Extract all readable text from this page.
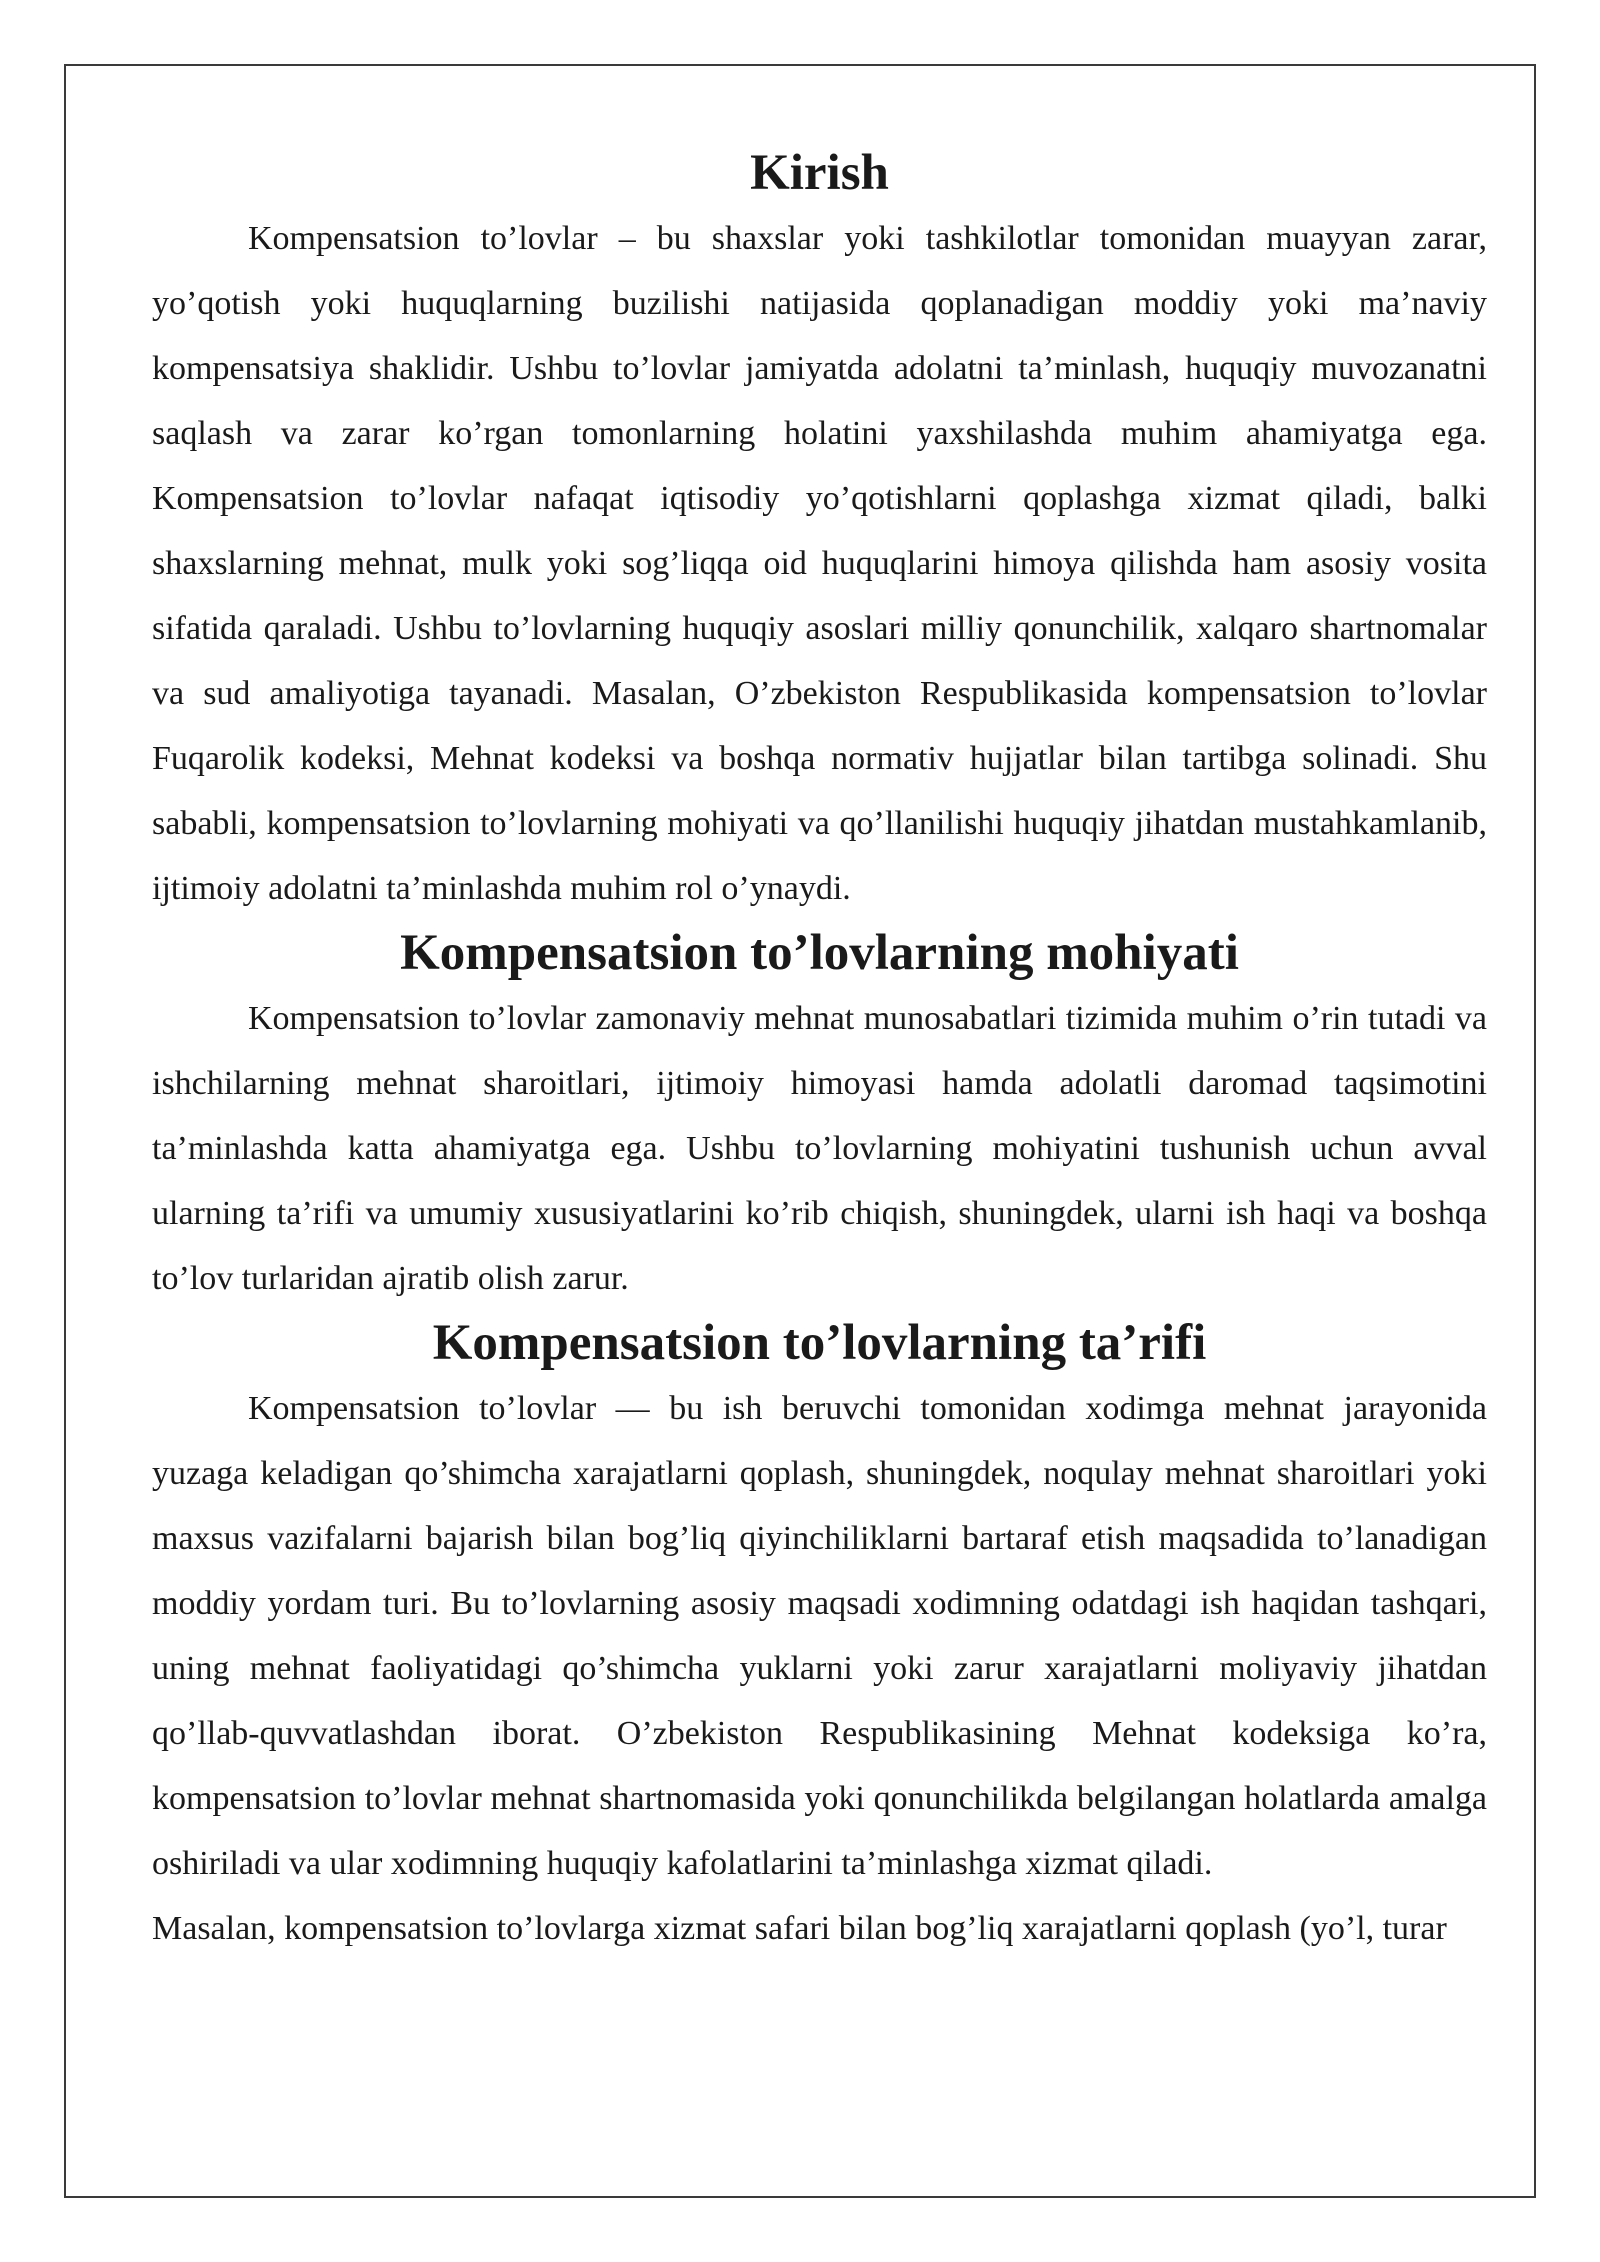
Kirish

Kompensatsion to’lovlar – bu shaxslar yoki tashkilotlar tomonidan muayyan zarar, yo’qotish yoki huquqlarning buzilishi natijasida qoplanadigan moddiy yoki ma’naviy kompensatsiya shaklidir. Ushbu to’lovlar jamiyatda adolatni ta’minlash, huquqiy muvozanatni saqlash va zarar ko’rgan tomonlarning holatini yaxshilashda muhim ahamiyatga ega. Kompensatsion to’lovlar nafaqat iqtisodiy yo’qotishlarni qoplashga xizmat qiladi, balki shaxslarning mehnat, mulk yoki sog’liqqa oid huquqlarini himoya qilishda ham asosiy vosita sifatida qaraladi. Ushbu to’lovlarning huquqiy asoslari milliy qonunchilik, xalqaro shartnomalar va sud amaliyotiga tayanadi. Masalan, O’zbekiston Respublikasida kompensatsion to’lovlar Fuqarolik kodeksi, Mehnat kodeksi va boshqa normativ hujjatlar bilan tartibga solinadi. Shu sababli, kompensatsion to’lovlarning mohiyati va qo’llanilishi huquqiy jihatdan mustahkamlanib, ijtimoiy adolatni ta’minlashda muhim rol o’ynaydi.

Kompensatsion to’lovlarning mohiyati

Kompensatsion to’lovlar zamonaviy mehnat munosabatlari tizimida muhim o’rin tutadi va ishchilarning mehnat sharoitlari, ijtimoiy himoyasi hamda adolatli daromad taqsimotini ta’minlashda katta ahamiyatga ega. Ushbu to’lovlarning mohiyatini tushunish uchun avval ularning ta’rifi va umumiy xususiyatlarini ko’rib chiqish, shuningdek, ularni ish haqi va boshqa to’lov turlaridan ajratib olish zarur.

Kompensatsion to’lovlarning ta’rifi

Kompensatsion to’lovlar — bu ish beruvchi tomonidan xodimga mehnat jarayonida yuzaga keladigan qo’shimcha xarajatlarni qoplash, shuningdek, noqulay mehnat sharoitlari yoki maxsus vazifalarni bajarish bilan bog’liq qiyinchiliklarni bartaraf etish maqsadida to’lanadigan moddiy yordam turi. Bu to’lovlarning asosiy maqsadi xodimning odatdagi ish haqidan tashqari, uning mehnat faoliyatidagi qo’shimcha yuklarni yoki zarur xarajatlarni moliyaviy jihatdan qo’llab-quvvatlashdan iborat. O’zbekiston Respublikasining Mehnat kodeksiga ko’ra, kompensatsion to’lovlar mehnat shartnomasida yoki qonunchilikda belgilangan holatlarda amalga oshiriladi va ular xodimning huquqiy kafolatlarini ta’minlashga xizmat qiladi.

Masalan, kompensatsion to’lovlarga xizmat safari bilan bog’liq xarajatlarni qoplash (yo’l, turar
